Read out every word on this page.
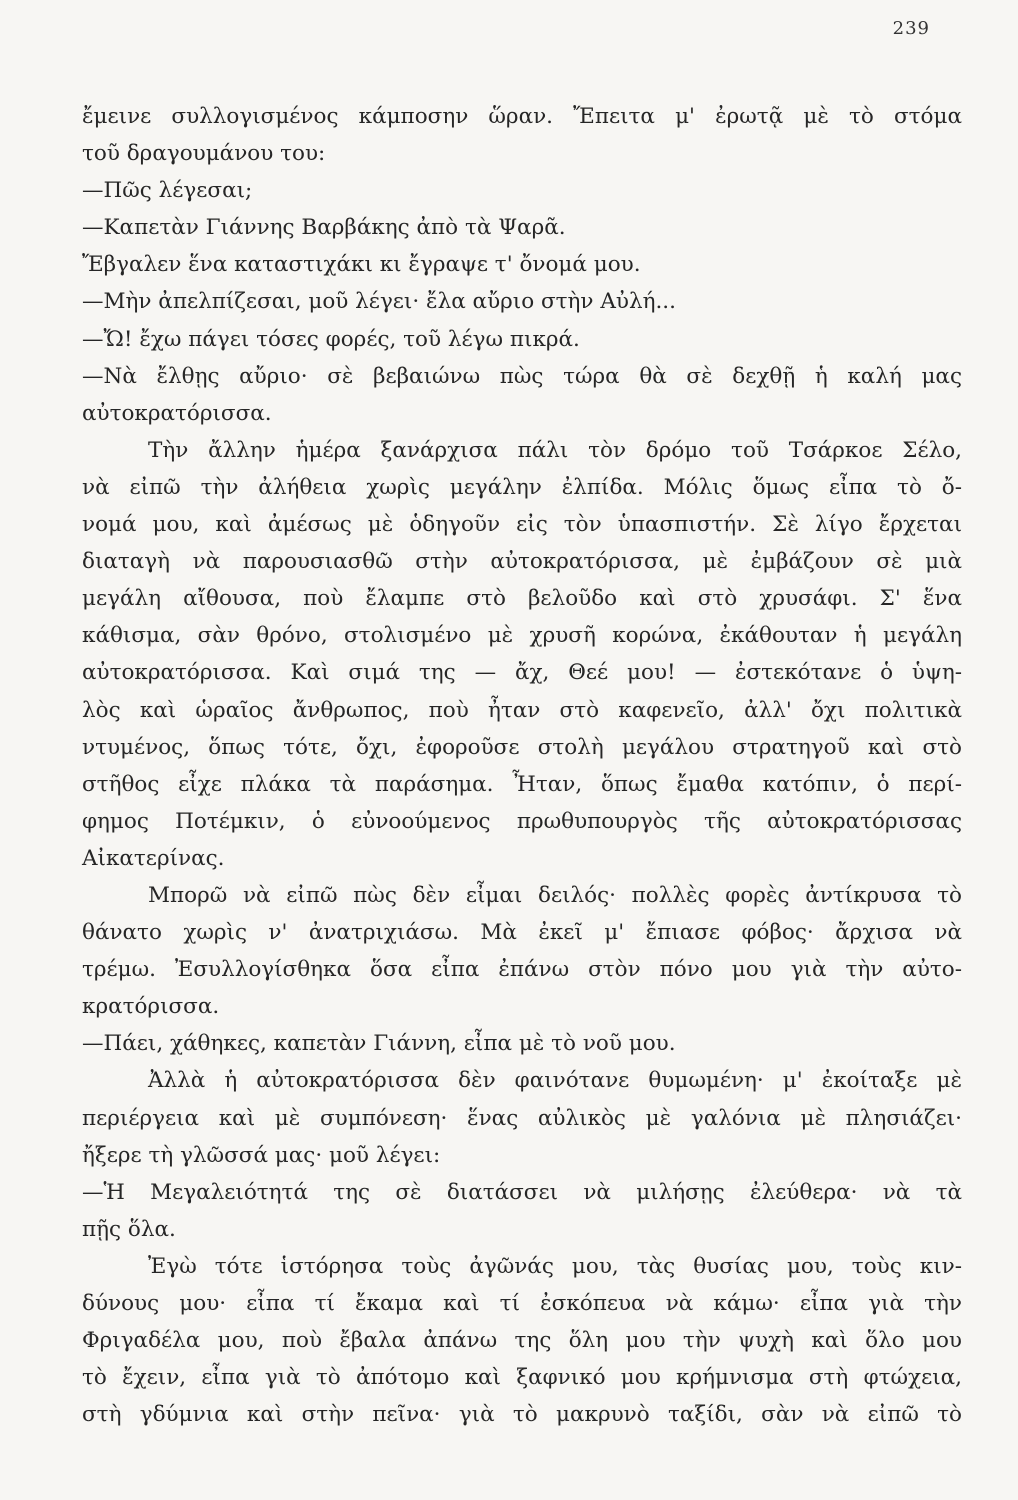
239
ἔμεινε συλλογισμένος κάμποσην ὥραν. Ἔπειτα μ' ἐρωτᾷ μὲ τὸ στόμα
τοῦ δραγουμάνου του:
—Πῶς λέγεσαι;
—Καπετὰν Γιάννης Βαρβάκης ἀπὸ τὰ Ψαρᾶ.
Ἔβγαλεν ἕνα καταστιχάκι κι ἔγραψε τ' ὄνομά μου.
—Μὴν ἀπελπίζεσαι, μοῦ λέγει· ἔλα αὔριο στὴν Αὐλή...
—Ὤ! ἔχω πάγει τόσες φορές, τοῦ λέγω πικρά.
—Νὰ ἔλθῃς αὔριο· σὲ βεβαιώνω πὼς τώρα θὰ σὲ δεχθῇ ἡ καλή μας
αὐτοκρατόρισσα.
Τὴν ἄλλην ἡμέρα ξανάρχισα πάλι τὸν δρόμο τοῦ Τσάρκοε Σέλο,
νὰ εἰπῶ τὴν ἀλήθεια χωρὶς μεγάλην ἐλπίδα. Μόλις ὅμως εἶπα τὸ ὄ-
νομά μου, καὶ ἀμέσως μὲ ὁδηγοῦν εἰς τὸν ὑπασπιστήν. Σὲ λίγο ἔρχεται
διαταγὴ νὰ παρουσιασθῶ στὴν αὐτοκρατόρισσα, μὲ ἐμβάζουν σὲ μιὰ
μεγάλη αἴθουσα, ποὺ ἔλαμπε στὸ βελοῦδο καὶ στὸ χρυσάφι. Σ' ἕνα
κάθισμα, σὰν θρόνο, στολισμένο μὲ χρυσῆ κορώνα, ἐκάθουταν ἡ μεγάλη
αὐτοκρατόρισσα. Καὶ σιμά της — ἄχ, Θεέ μου! — ἐστεκότανε ὁ ὑψη-
λὸς καὶ ὡραῖος ἄνθρωπος, ποὺ ἦταν στὸ καφενεῖο, ἀλλ' ὄχι πολιτικὰ
ντυμένος, ὅπως τότε, ὄχι, ἐφοροῦσε στολὴ μεγάλου στρατηγοῦ καὶ στὸ
στῆθος εἶχε πλάκα τὰ παράσημα. Ἦταν, ὅπως ἔμαθα κατόπιν, ὁ περί-
φημος Ποτέμκιν, ὁ εὐνοούμενος πρωθυπουργὸς τῆς αὐτοκρατόρισσας
Αἰκατερίνας.
Μπορῶ νὰ εἰπῶ πὼς δὲν εἶμαι δειλός· πολλὲς φορὲς ἀντίκρυσα τὸ
θάνατο χωρὶς ν' ἀνατριχιάσω. Μὰ ἐκεῖ μ' ἔπιασε φόβος· ἄρχισα νὰ
τρέμω. Ἐσυλλογίσθηκα ὅσα εἶπα ἐπάνω στὸν πόνο μου γιὰ τὴν αὐτο-
κρατόρισσα.
—Πάει, χάθηκες, καπετὰν Γιάννη, εἶπα μὲ τὸ νοῦ μου.
Ἀλλὰ ἡ αὐτοκρατόρισσα δὲν φαινότανε θυμωμένη· μ' ἐκοίταξε μὲ
περιέργεια καὶ μὲ συμπόνεση· ἕνας αὐλικὸς μὲ γαλόνια μὲ πλησιάζει·
ἤξερε τὴ γλῶσσά μας· μοῦ λέγει:
—Ἡ Μεγαλειότητά της σὲ διατάσσει νὰ μιλήσῃς ἐλεύθερα· νὰ τὰ
πῇς ὅλα.
Ἐγὼ τότε ἱστόρησα τοὺς ἀγῶνάς μου, τὰς θυσίας μου, τοὺς κιν-
δύνους μου· εἶπα τί ἔκαμα καὶ τί ἐσκόπευα νὰ κάμω· εἶπα γιὰ τὴν
Φριγαδέλα μου, ποὺ ἔβαλα ἀπάνω της ὅλη μου τὴν ψυχὴ καὶ ὅλο μου
τὸ ἔχειν, εἶπα γιὰ τὸ ἀπότομο καὶ ξαφνικό μου κρήμνισμα στὴ φτώχεια,
στὴ γδύμνια καὶ στὴν πεῖνα· γιὰ τὸ μακρυνὸ ταξίδι, σὰν νὰ εἰπῶ τὸ
